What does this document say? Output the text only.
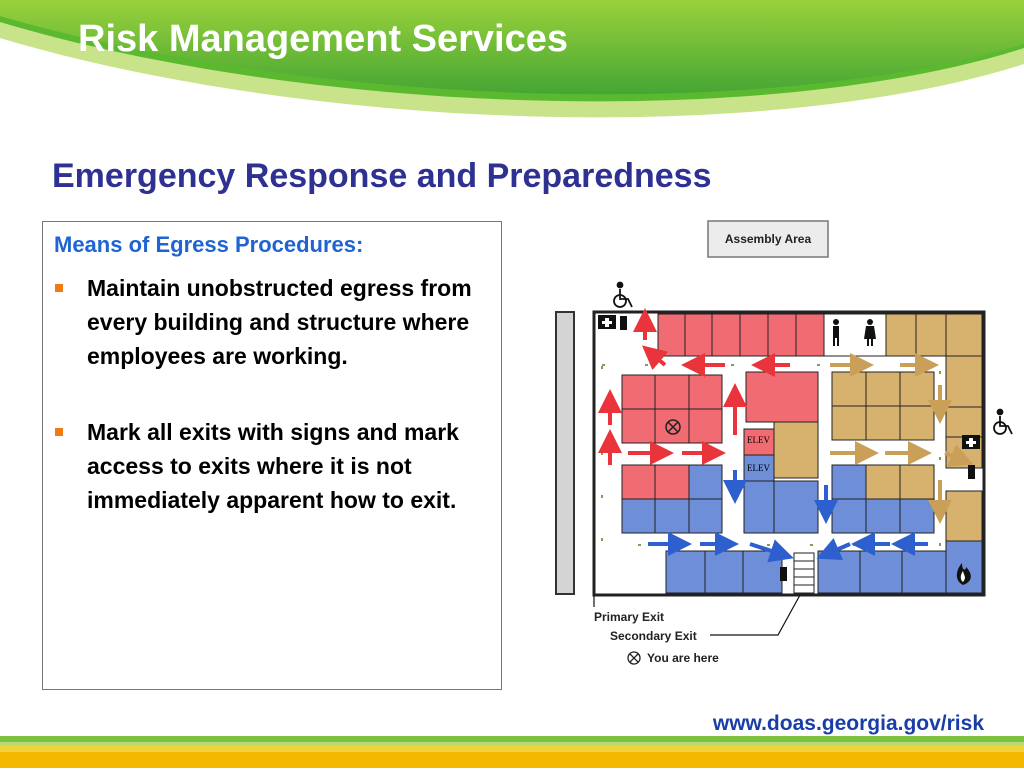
Risk Management Services
Emergency Response and Preparedness
Means of Egress Procedures:
Maintain unobstructed egress from every building and structure where employees are working.
Mark all exits with signs and mark access to exits where it is not immediately apparent how to exit.
Assembly Area
ELEV
ELEV
Primary Exit
Secondary Exit
You are here
www.doas.georgia.gov/risk
